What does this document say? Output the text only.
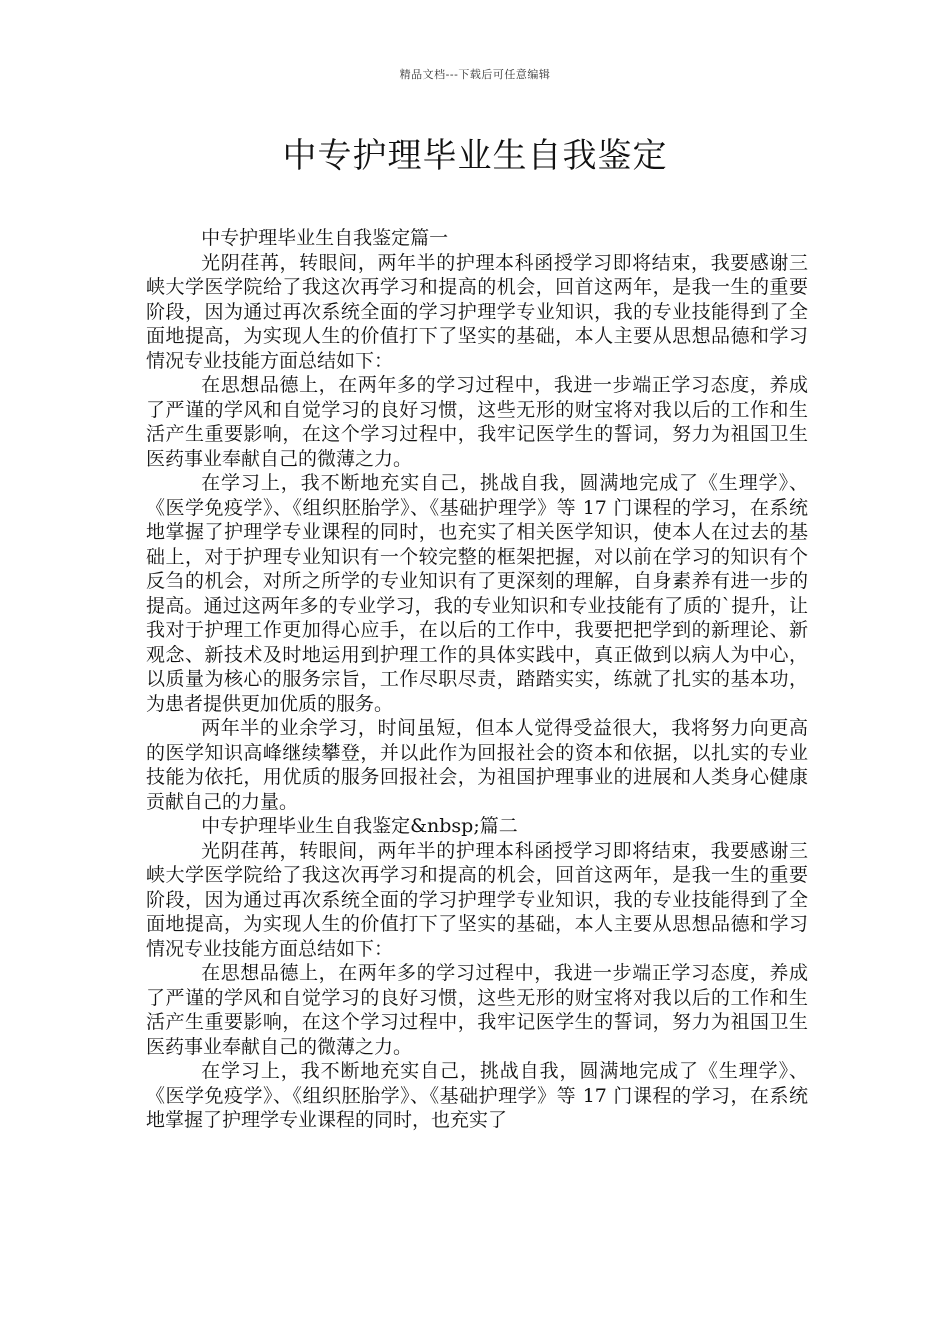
精品文档---下载后可任意编辑
中专护理毕业生自我鉴定

中专护理毕业生自我鉴定篇一

光阴荏苒，转眼间，两年半的护理本科函授学习即将结束，我要感谢三峡大学医学院给了我这次再学习和提高的机会，回首这两年，是我一生的重要阶段，因为通过再次系统全面的学习护理学专业知识，我的专业技能得到了全面地提高，为实现人生的价值打下了坚实的基础，本人主要从思想品德和学习情况专业技能方面总结如下：

在思想品德上，在两年多的学习过程中，我进一步端正学习态度，养成了严谨的学风和自觉学习的良好习惯，这些无形的财宝将对我以后的工作和生活产生重要影响，在这个学习过程中，我牢记医学生的誓词，努力为祖国卫生医药事业奉献自己的微薄之力。

在学习上，我不断地充实自己，挑战自我，圆满地完成了《生理学》、《医学免疫学》、《组织胚胎学》、《基础护理学》等 17 门课程的学习，在系统地掌握了护理学专业课程的同时，也充实了相关医学知识，使本人在过去的基础上，对于护理专业知识有一个较完整的框架把握，对以前在学习的知识有个反刍的机会，对所之所学的专业知识有了更深刻的理解，自身素养有进一步的提高。通过这两年多的专业学习，我的专业知识和专业技能有了质的`提升，让我对于护理工作更加得心应手，在以后的工作中，我要把把学到的新理论、新观念、新技术及时地运用到护理工作的具体实践中，真正做到以病人为中心，以质量为核心的服务宗旨，工作尽职尽责，踏踏实实，练就了扎实的基本功，为患者提供更加优质的服务。

两年半的业余学习，时间虽短，但本人觉得受益很大，我将努力向更高的医学知识高峰继续攀登，并以此作为回报社会的资本和依据，以扎实的专业技能为依托，用优质的服务回报社会，为祖国护理事业的进展和人类身心健康贡献自己的力量。

中专护理毕业生自我鉴定&nbsp;篇二

光阴荏苒，转眼间，两年半的护理本科函授学习即将结束，我要感谢三峡大学医学院给了我这次再学习和提高的机会，回首这两年，是我一生的重要阶段，因为通过再次系统全面的学习护理学专业知识，我的专业技能得到了全面地提高，为实现人生的价值打下了坚实的基础，本人主要从思想品德和学习情况专业技能方面总结如下：

在思想品德上，在两年多的学习过程中，我进一步端正学习态度，养成了严谨的学风和自觉学习的良好习惯，这些无形的财宝将对我以后的工作和生活产生重要影响，在这个学习过程中，我牢记医学生的誓词，努力为祖国卫生医药事业奉献自己的微薄之力。

在学习上，我不断地充实自己，挑战自我，圆满地完成了《生理学》、《医学免疫学》、《组织胚胎学》、《基础护理学》等 17 门课程的学习，在系统地掌握了护理学专业课程的同时，也充实了
